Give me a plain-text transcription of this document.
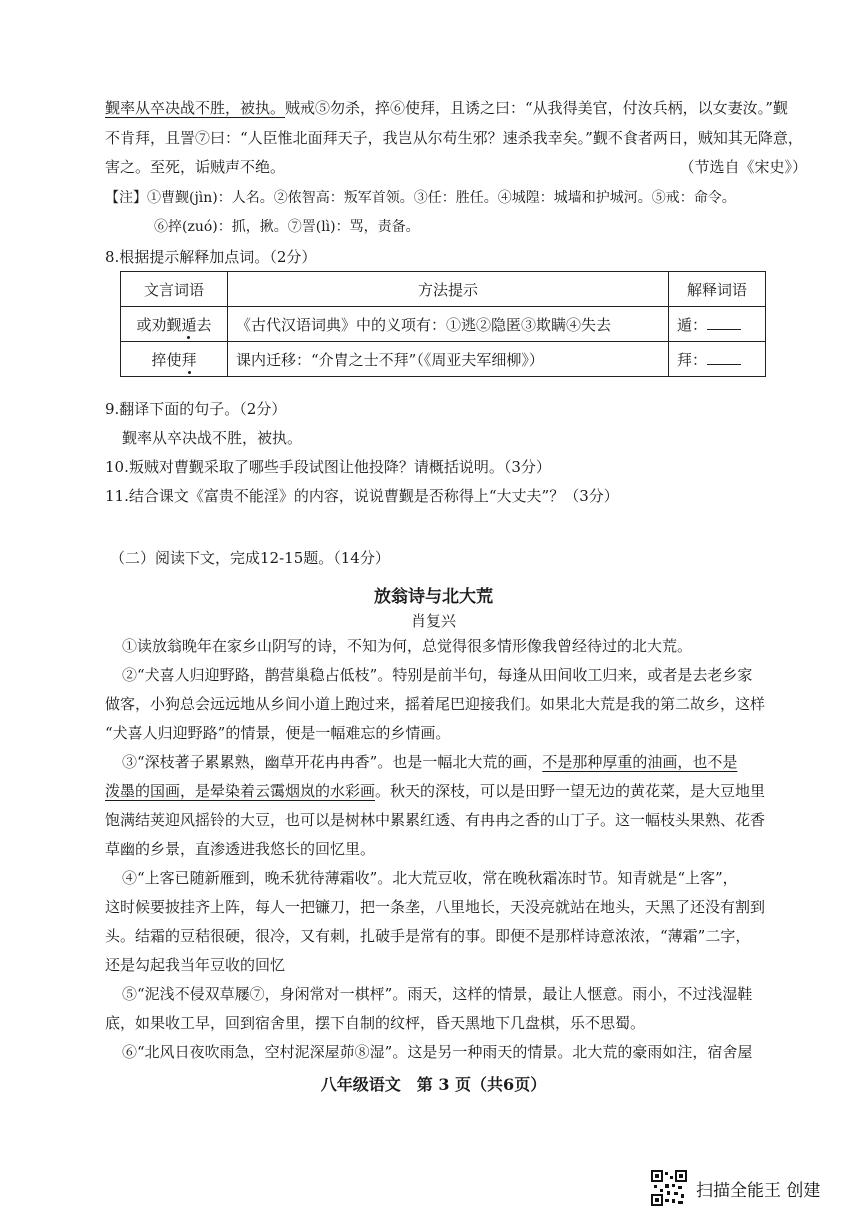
觐率从卒决战不胜，被执。贼戒⑤勿杀，捽⑥使拜，且诱之曰：“从我得美官，付汝兵柄，以女妻汝。”觐
不肯拜，且詈⑦曰：“人臣惟北面拜天子，我岂从尔苟生邪？速杀我幸矣。”觐不食者两日，贼知其无降意，
害之。至死，诟贼声不绝。	（节选自《宋史》）
【注】①曹觐(jìn)：人名。②侬智高：叛军首领。③任：胜任。④城隍：城墙和护城河。⑤戒：命令。
⑥捽(zuó)：抓，揪。⑦詈(lì)：骂，责备。
8.根据提示解释加点词。（2分）
文言词语	方法提示	解释词语
或劝觐遁去	《古代汉语词典》中的义项有：①逃②隐匿③欺瞒④失去	遁：
捽使拜	课内迁移：“介胄之士不拜”（《周亚夫军细柳》）	拜：
9.翻译下面的句子。（2分）
觐率从卒决战不胜，被执。
10.叛贼对曹觐采取了哪些手段试图让他投降？请概括说明。（3分）
11.结合课文《富贵不能淫》的内容，说说曹觐是否称得上“大丈夫”？（3分）
（二）阅读下文，完成12-15题。（14分）
放翁诗与北大荒
肖复兴
①读放翁晚年在家乡山阴写的诗，不知为何，总觉得很多情形像我曾经待过的北大荒。
②“犬喜人归迎野路，鹊营巢稳占低枝”。特别是前半句，每逢从田间收工归来，或者是去老乡家
做客，小狗总会远远地从乡间小道上跑过来，摇着尾巴迎接我们。如果北大荒是我的第二故乡，这样
“犬喜人归迎野路”的情景，便是一幅难忘的乡情画。
③“深枝著子累累熟，幽草开花冉冉香”。也是一幅北大荒的画，不是那种厚重的油画，也不是
泼墨的国画，是晕染着云霭烟岚的水彩画。秋天的深枝，可以是田野一望无边的黄花菜，是大豆地里
饱满结荚迎风摇铃的大豆，也可以是树林中累累红透、有冉冉之香的山丁子。这一幅枝头果熟、花香
草幽的乡景，直渗透进我悠长的回忆里。
④“上客已随新雁到，晚禾犹待薄霜收”。北大荒豆收，常在晚秋霜冻时节。知青就是“上客”，
这时候要披挂齐上阵，每人一把镰刀，把一条垄，八里地长，天没亮就站在地头，天黑了还没有割到
头。结霜的豆秸很硬，很冷，又有刺，扎破手是常有的事。即便不是那样诗意浓浓，“薄霜”二字，
还是勾起我当年豆收的回忆
⑤“泥浅不侵双草屦⑦，身闲常对一棋枰”。雨天，这样的情景，最让人惬意。雨小，不过浅湿鞋
底，如果收工早，回到宿舍里，摆下自制的纹枰，昏天黑地下几盘棋，乐不思蜀。
⑥“北风日夜吹雨急，空村泥深屋茆⑧湿”。这是另一种雨天的情景。北大荒的豪雨如注，宿舍屋
八年级语文　第 3 页（共6页）
扫描全能王 创建
